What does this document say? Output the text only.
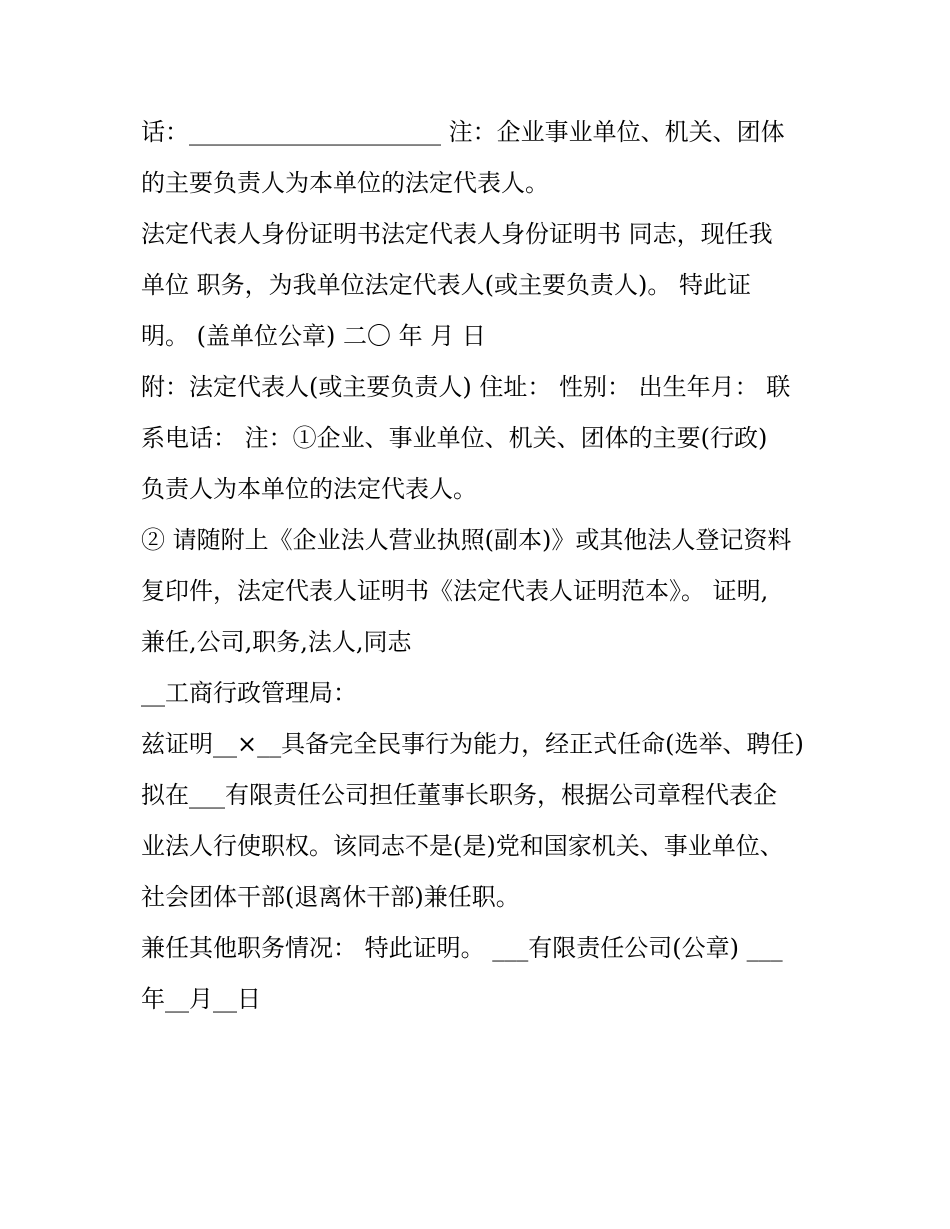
话：_____________________ 注：企业事业单位、机关、团体
的主要负责人为本单位的法定代表人。
法定代表人身份证明书法定代表人身份证明书 同志，现任我
单位 职务，为我单位法定代表人(或主要负责人)。 特此证
明。 (盖单位公章) 二〇 年 月 日
附：法定代表人(或主要负责人) 住址： 性别： 出生年月： 联
系电话： 注：①企业、事业单位、机关、团体的主要(行政)
负责人为本单位的法定代表人。
② 请随附上《企业法人营业执照(副本)》或其他法人登记资料
复印件，法定代表人证明书《法定代表人证明范本》。 证明,
兼任,公司,职务,法人,同志
__工商行政管理局：
兹证明__×__具备完全民事行为能力，经正式任命(选举、聘任)
拟在___有限责任公司担任董事长职务，根据公司章程代表企
业法人行使职权。该同志不是(是)党和国家机关、事业单位、
社会团体干部(退离休干部)兼任职。
兼任其他职务情况： 特此证明。 ___有限责任公司(公章) ___
年__月__日
